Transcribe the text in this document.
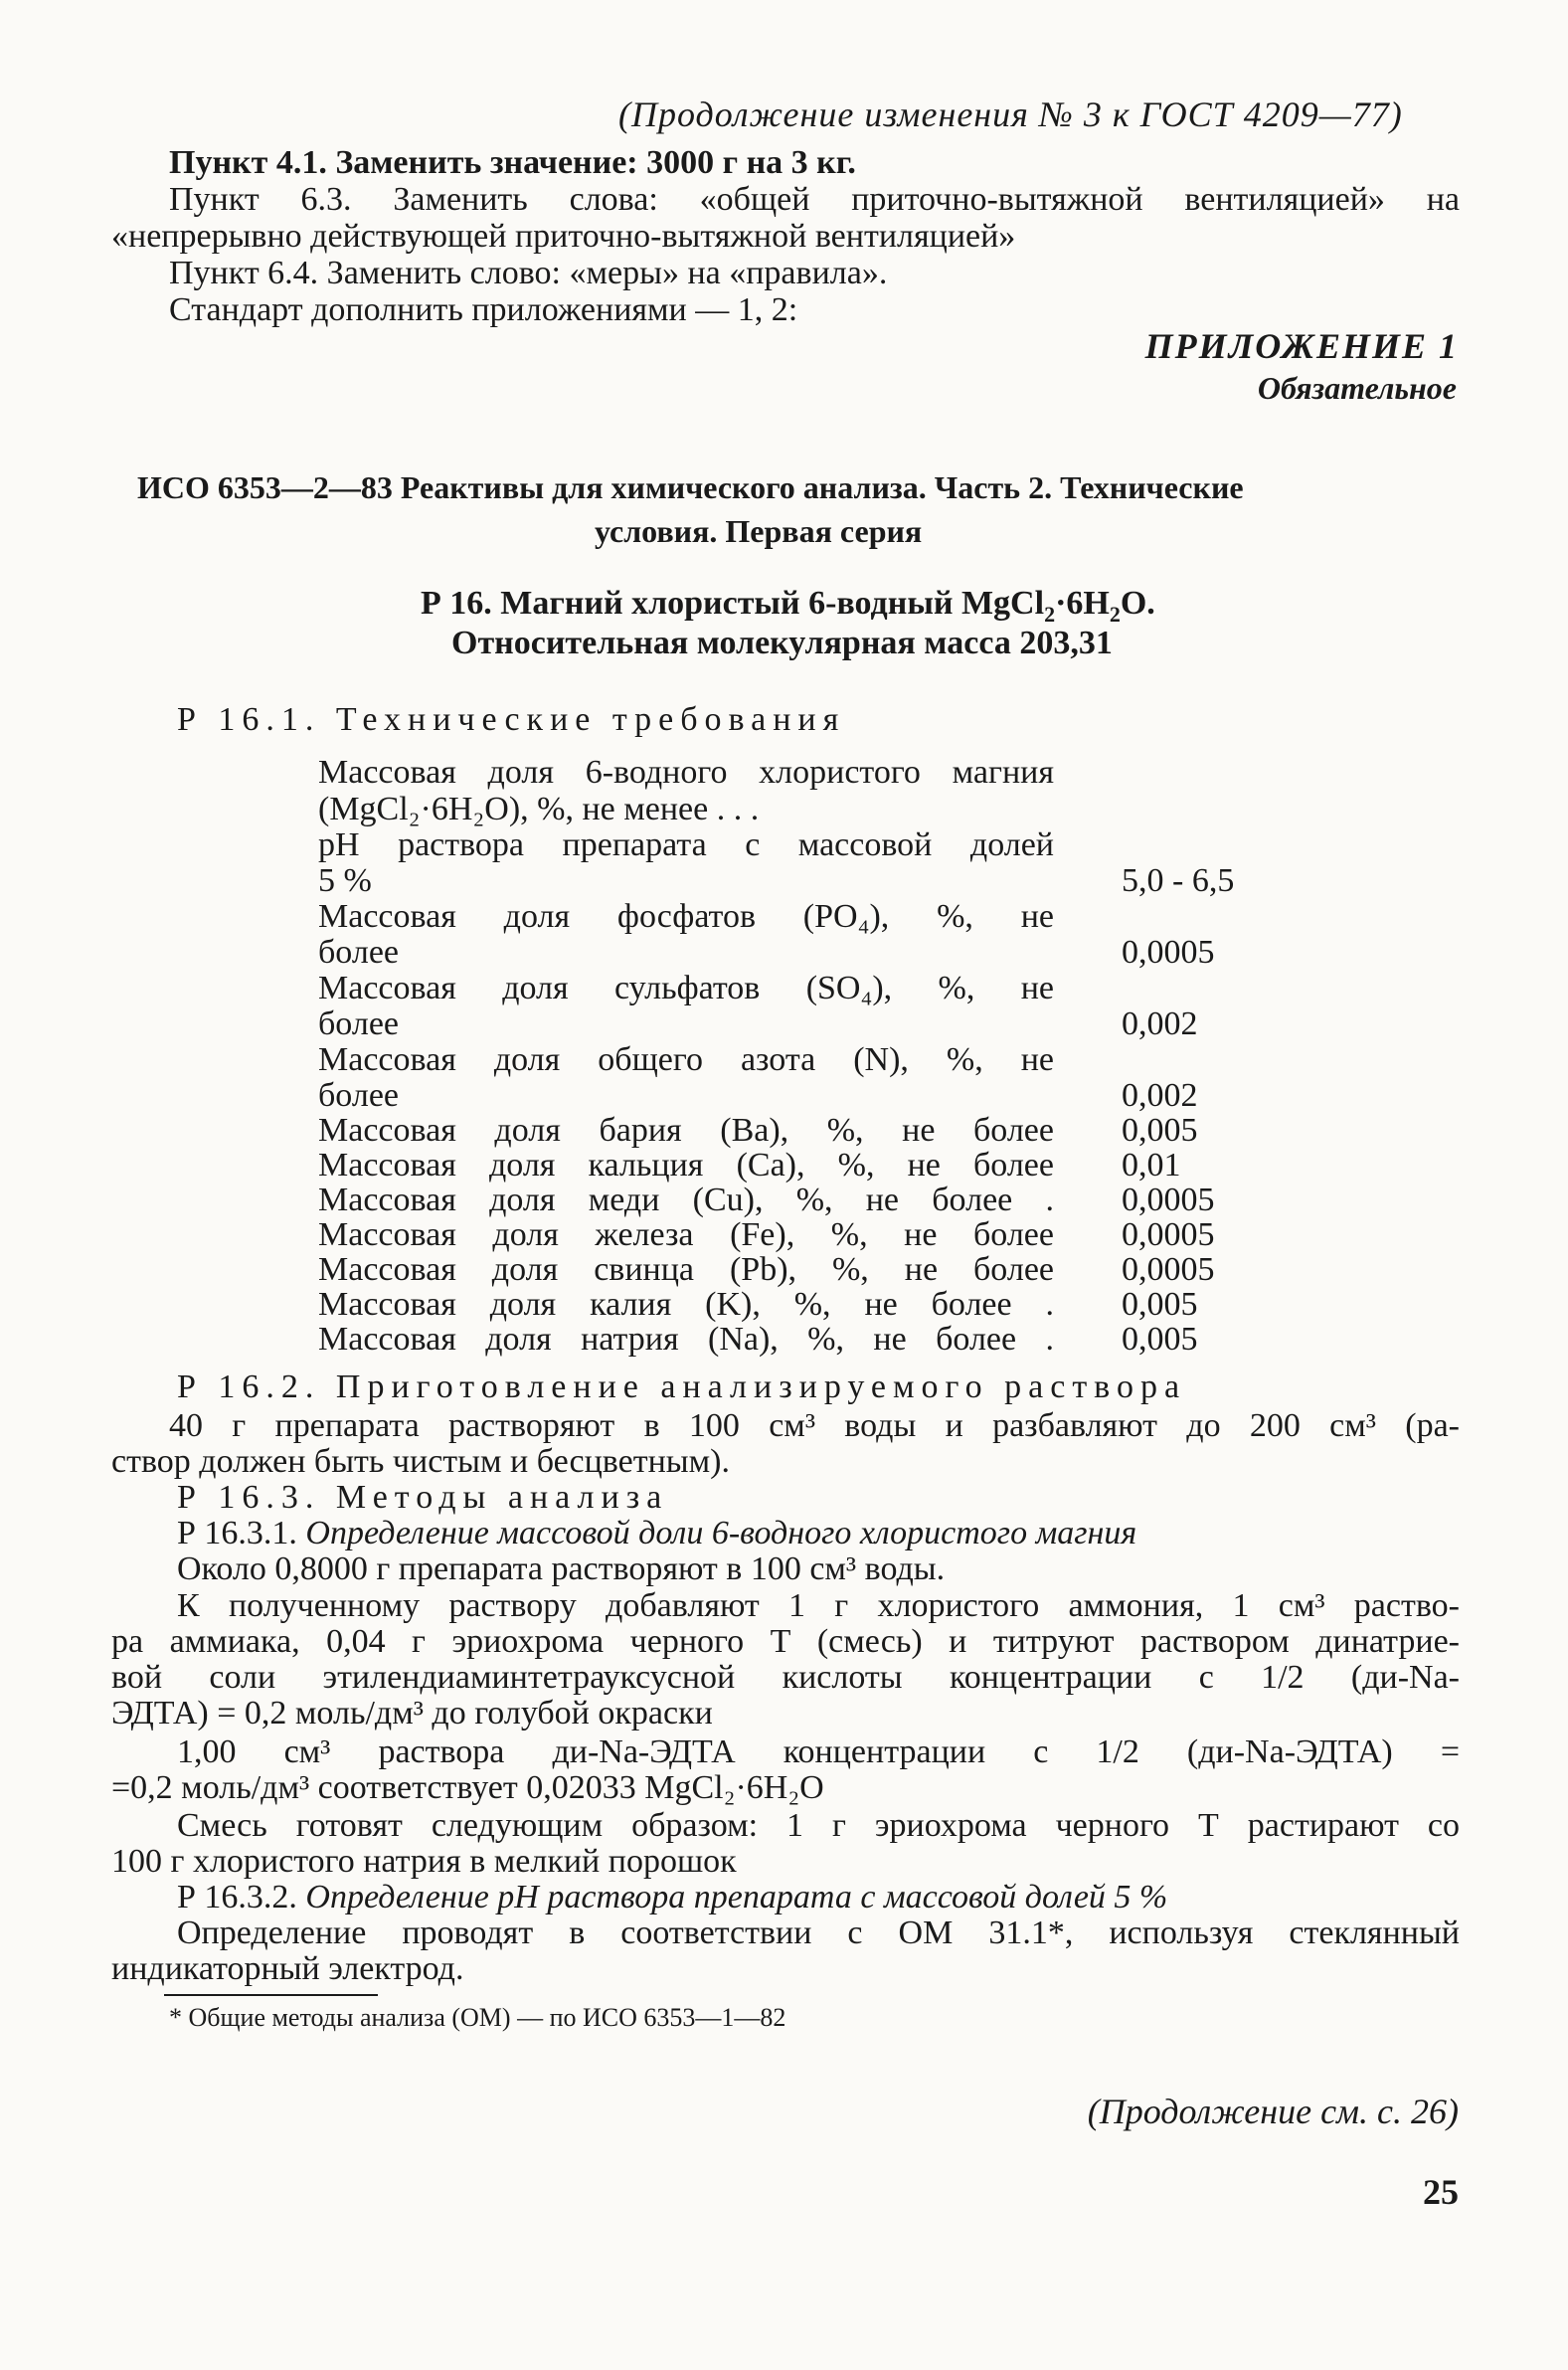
(Продолжение изменения № 3 к ГОСТ 4209—77)
Пункт 4.1. Заменить значение: 3000 г на 3 кг.
Пункт 6.3. Заменить слова: «общей приточно-вытяжной вентиляцией» на
«непрерывно действующей приточно-вытяжной вентиляцией»
Пункт 6.4. Заменить слово: «меры» на «правила».
Стандарт дополнить приложениями — 1, 2:
ПРИЛОЖЕНИЕ 1
Обязательное
ИСО 6353—2—83 Реактивы для химического анализа. Часть 2. Технические
условия. Первая серия
Р 16. Магний хлористый 6-водный $MgCl_2\cdot 6H_2O$.
Относительная молекулярная масса 203,31
Р 16.1. Технические требования
Массовая доля 6-водного хлористого магния
(MgCl₂·6H₂O), %, не менее . . .
pH раствора препарата с массовой долей
5 %	5,0 - 6,5
Массовая доля фосфатов (PO₄), %, не
более	0,0005
Массовая доля сульфатов (SO₄), %, не
более	0,002
Массовая доля общего азота (N), %, не
более	0,002
Массовая доля бария (Ba), %, не более 0,005
Массовая доля кальция (Ca), %, не более 0,01
Массовая доля меди (Cu), %, не более . 0,0005
Массовая доля железа (Fe), %, не более 0,0005
Массовая доля свинца (Pb), %, не более 0,0005
Массовая доля калия (K), %, не более . 0,005
Массовая доля натрия (Na), %, не более . 0,005
Р 16.2. Приготовление анализируемого раствора
40 г препарата растворяют в 100 см³ воды и разбавляют до 200 см³ (ра-
створ должен быть чистым и бесцветным).
Р 16.3. Методы анализа
Р 16.3.1. Определение массовой доли 6-водного хлористого магния
Около 0,8000 г препарата растворяют в 100 см³ воды.
К полученному раствору добавляют 1 г хлористого аммония, 1 см³ раство-
ра аммиака, 0,04 г эриохрома черного Т (смесь) и титруют раствором динатрие-
вой соли этилендиаминтетрауксусной кислоты концентрации с 1/2 (ди-Na-
ЭДТА) = 0,2 моль/дм³ до голубой окраски
1,00 см³ раствора ди-Na-ЭДТА концентрации с 1/2 (ди-Na-ЭДТА) =
=0,2 моль/дм³ соответствует 0,02033 MgCl₂·6H₂O
Смесь готовят следующим образом: 1 г эриохрома черного Т растирают со
100 г хлористого натрия в мелкий порошок
Р 16.3.2. Определение pH раствора препарата с массовой долей 5 %
Определение проводят в соответствии с ОМ 31.1*, используя стеклянный
индикаторный электрод.
* Общие методы анализа (ОМ) — по ИСО 6353—1—82
(Продолжение см. с. 26)
25
